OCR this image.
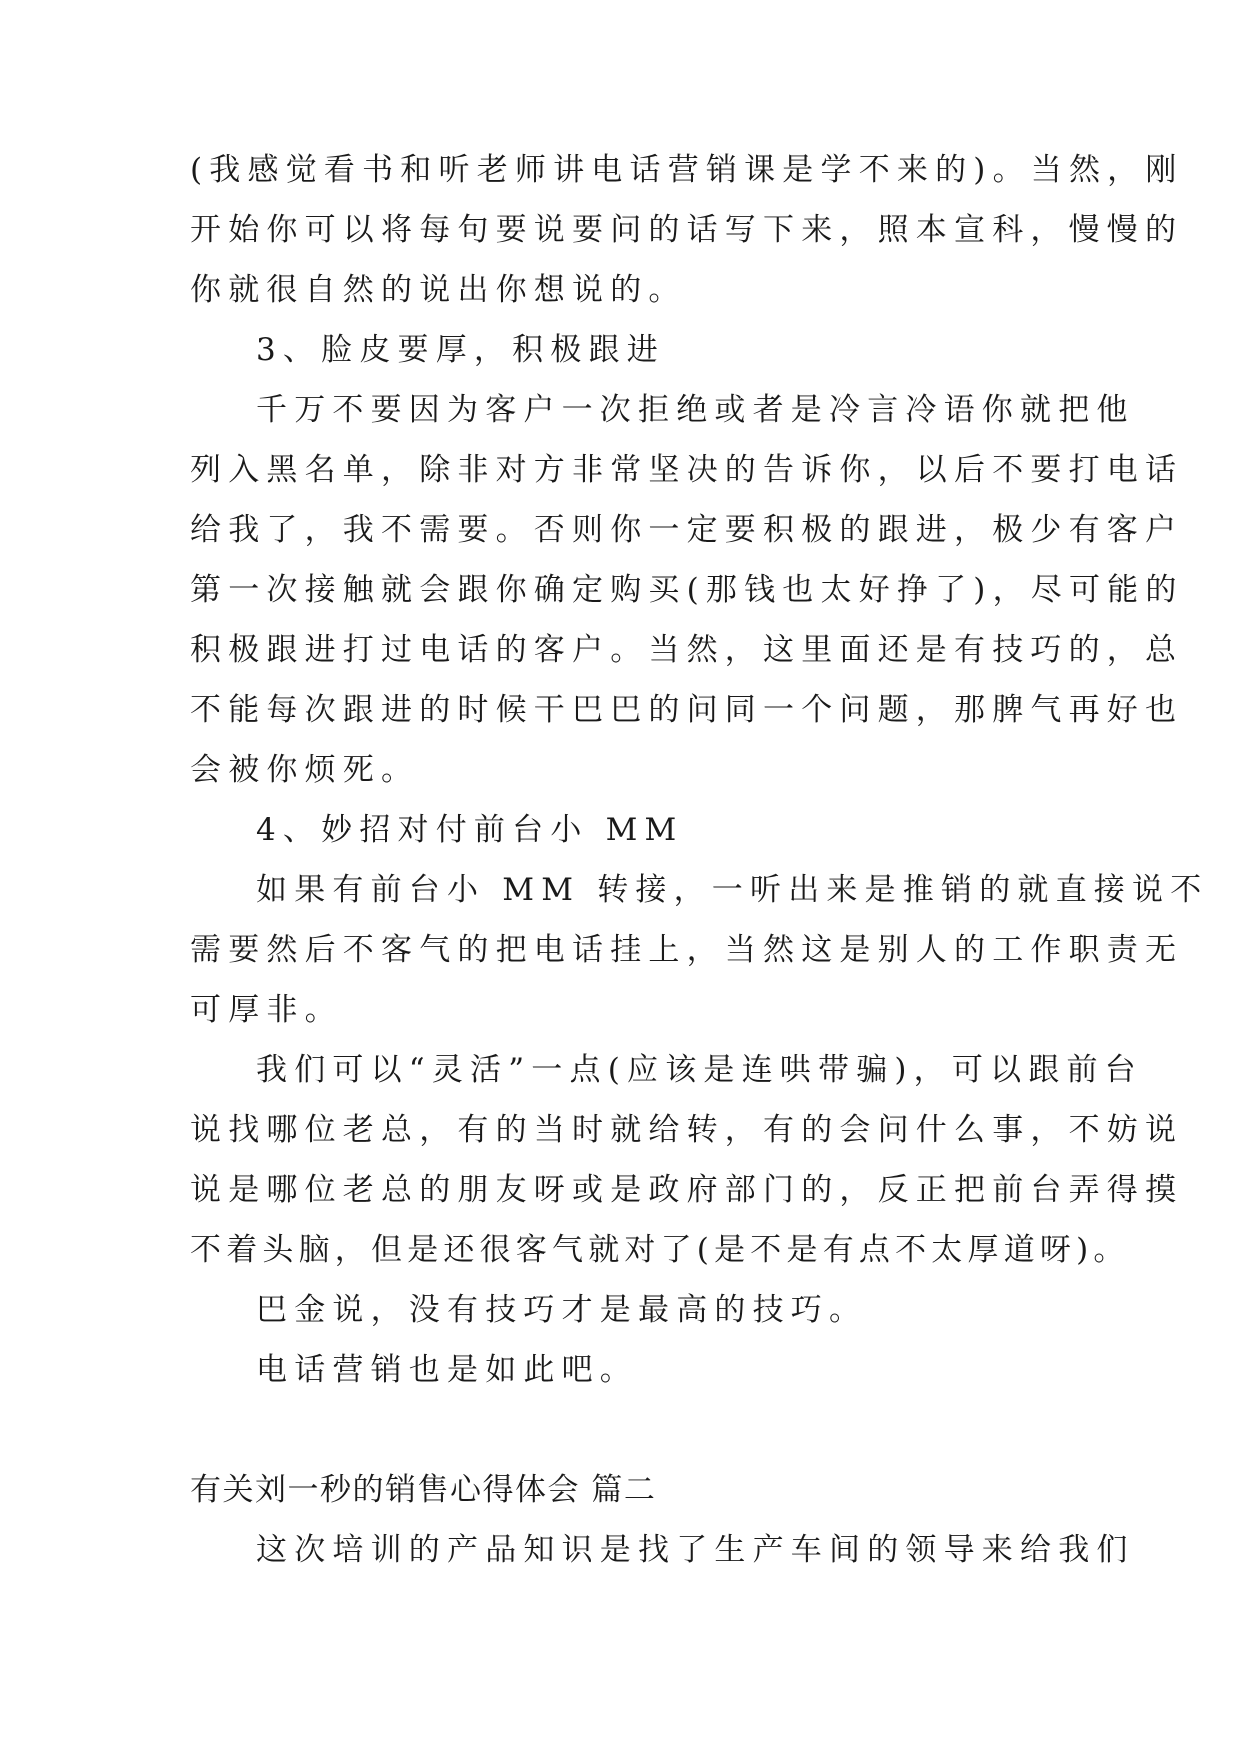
(我感觉看书和听老师讲电话营销课是学不来的)。当然，刚
开始你可以将每句要说要问的话写下来，照本宣科，慢慢的
你就很自然的说出你想说的。
3、脸皮要厚，积极跟进
千万不要因为客户一次拒绝或者是冷言冷语你就把他
列入黑名单，除非对方非常坚决的告诉你，以后不要打电话
给我了，我不需要。否则你一定要积极的跟进，极少有客户
第一次接触就会跟你确定购买(那钱也太好挣了)，尽可能的
积极跟进打过电话的客户。当然，这里面还是有技巧的，总
不能每次跟进的时候干巴巴的问同一个问题，那脾气再好也
会被你烦死。
4、妙招对付前台小 MM
如果有前台小 MM 转接，一听出来是推销的就直接说不
需要然后不客气的把电话挂上，当然这是别人的工作职责无
可厚非。
我们可以“灵活”一点(应该是连哄带骗)，可以跟前台
说找哪位老总，有的当时就给转，有的会问什么事，不妨说
说是哪位老总的朋友呀或是政府部门的，反正把前台弄得摸
不着头脑，但是还很客气就对了(是不是有点不太厚道呀)。
巴金说，没有技巧才是最高的技巧。
电话营销也是如此吧。
有关刘一秒的销售心得体会 篇二
这次培训的产品知识是找了生产车间的领导来给我们
